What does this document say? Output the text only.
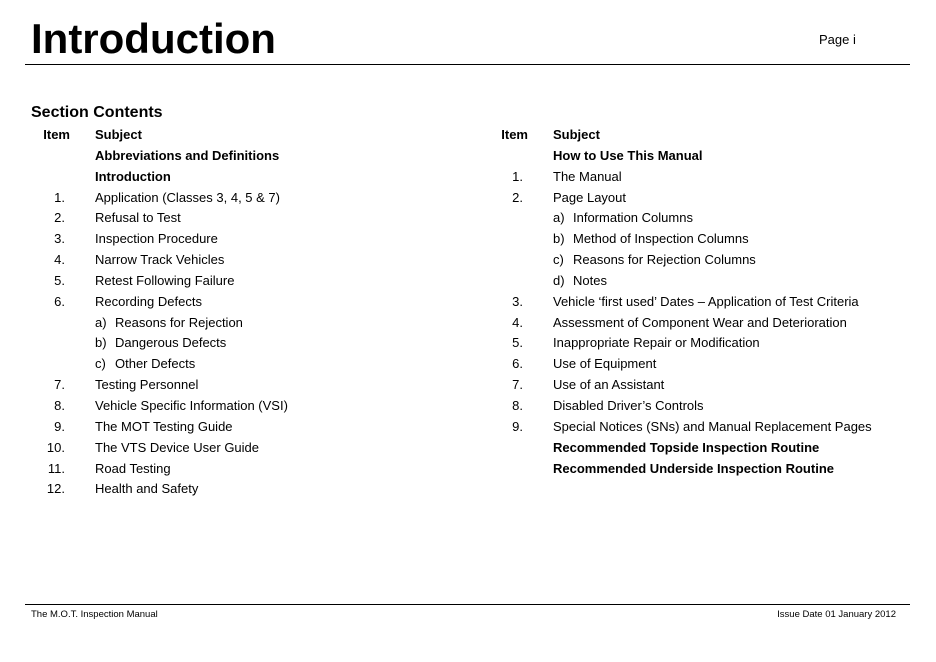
Introduction	Page i
Section Contents
Item Subject
Abbreviations and Definitions
Introduction
1. Application (Classes 3, 4, 5 & 7)
2. Refusal to Test
3. Inspection Procedure
4. Narrow Track Vehicles
5. Retest Following Failure
6. Recording Defects
a) Reasons for Rejection
b) Dangerous Defects
c) Other Defects
7. Testing Personnel
8. Vehicle Specific Information (VSI)
9. The MOT Testing Guide
10. The VTS Device User Guide
11. Road Testing
12. Health and Safety
Item Subject
How to Use This Manual
1. The Manual
2. Page Layout
a) Information Columns
b) Method of Inspection Columns
c) Reasons for Rejection Columns
d) Notes
3. Vehicle ‘first used’ Dates – Application of Test Criteria
4. Assessment of Component Wear and Deterioration
5. Inappropriate Repair or Modification
6. Use of Equipment
7. Use of an Assistant
8. Disabled Driver’s Controls
9. Special Notices (SNs) and Manual Replacement Pages
Recommended Topside Inspection Routine
Recommended Underside Inspection Routine
The M.O.T. Inspection Manual	Issue Date 01 January 2012
